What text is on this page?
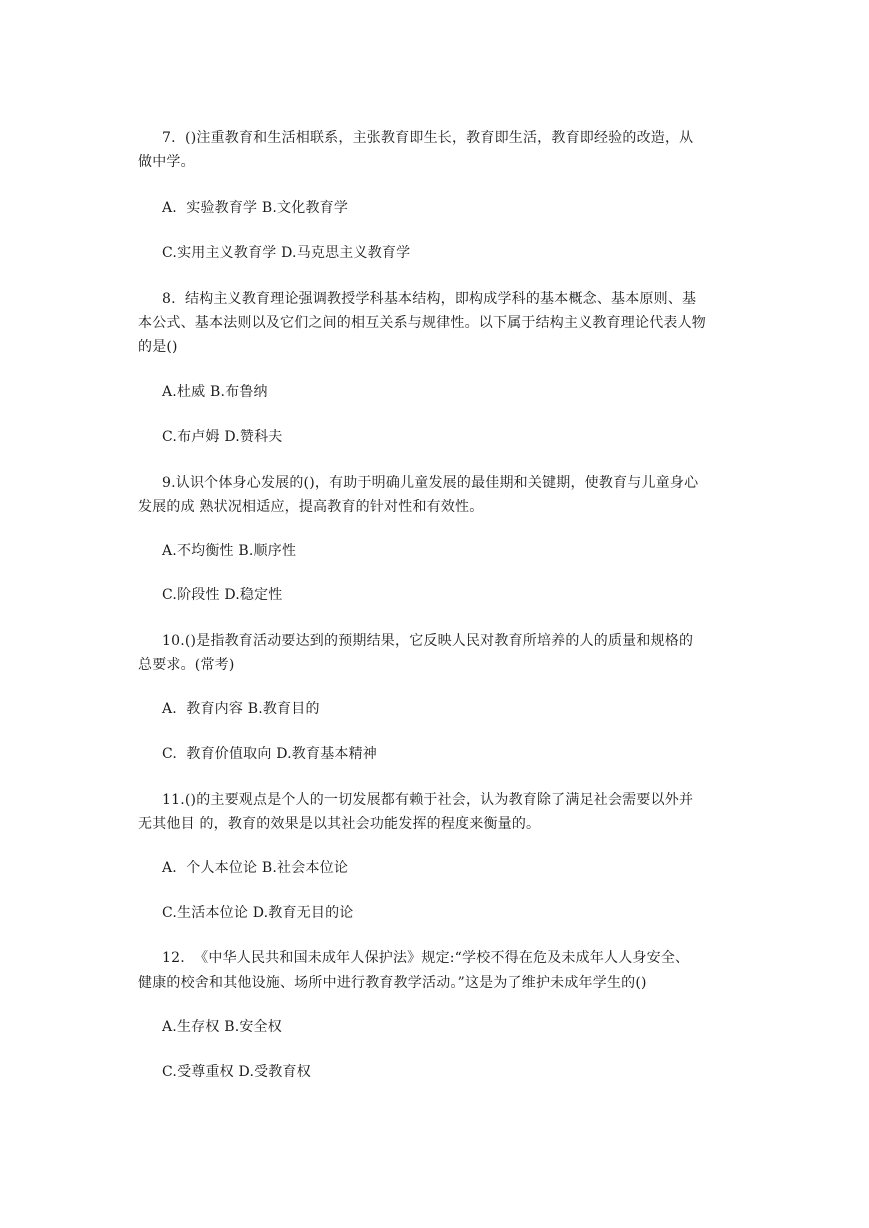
7.  ()注重教育和生活相联系，主张教育即生长，教育即生活，教育即经验的改造，从
做中学。
A.  实验教育学 B.文化教育学
C.实用主义教育学 D.马克思主义教育学
8.  结构主义教育理论强调教授学科基本结构，即构成学科的基本概念、基本原则、基
本公式、基本法则以及它们之间的相互关系与规律性。以下属于结构主义教育理论代表人物
的是()
A.杜威 B.布鲁纳
C.布卢姆 D.赞科夫
9.认识个体身心发展的()，有助于明确儿童发展的最佳期和关键期，使教育与儿童身心
发展的成 熟状况相适应，提高教育的针对性和有效性。
A.不均衡性 B.顺序性
C.阶段性 D.稳定性
10.()是指教育活动要达到的预期结果，它反映人民对教育所培养的人的质量和规格的
总要求。(常考)
A.  教育内容 B.教育目的
C.  教育价值取向 D.教育基本精神
11.()的主要观点是个人的一切发展都有赖于社会，认为教育除了满足社会需要以外并
无其他目 的，教育的效果是以其社会功能发挥的程度来衡量的。
A.  个人本位论 B.社会本位论
C.生活本位论 D.教育无目的论
12.  《中华人民共和国未成年人保护法》规定:“学校不得在危及未成年人人身安全、
健康的校舍和其他设施、场所中进行教育教学活动。”这是为了维护未成年学生的()
A.生存权 B.安全权
C.受尊重权 D.受教育权
